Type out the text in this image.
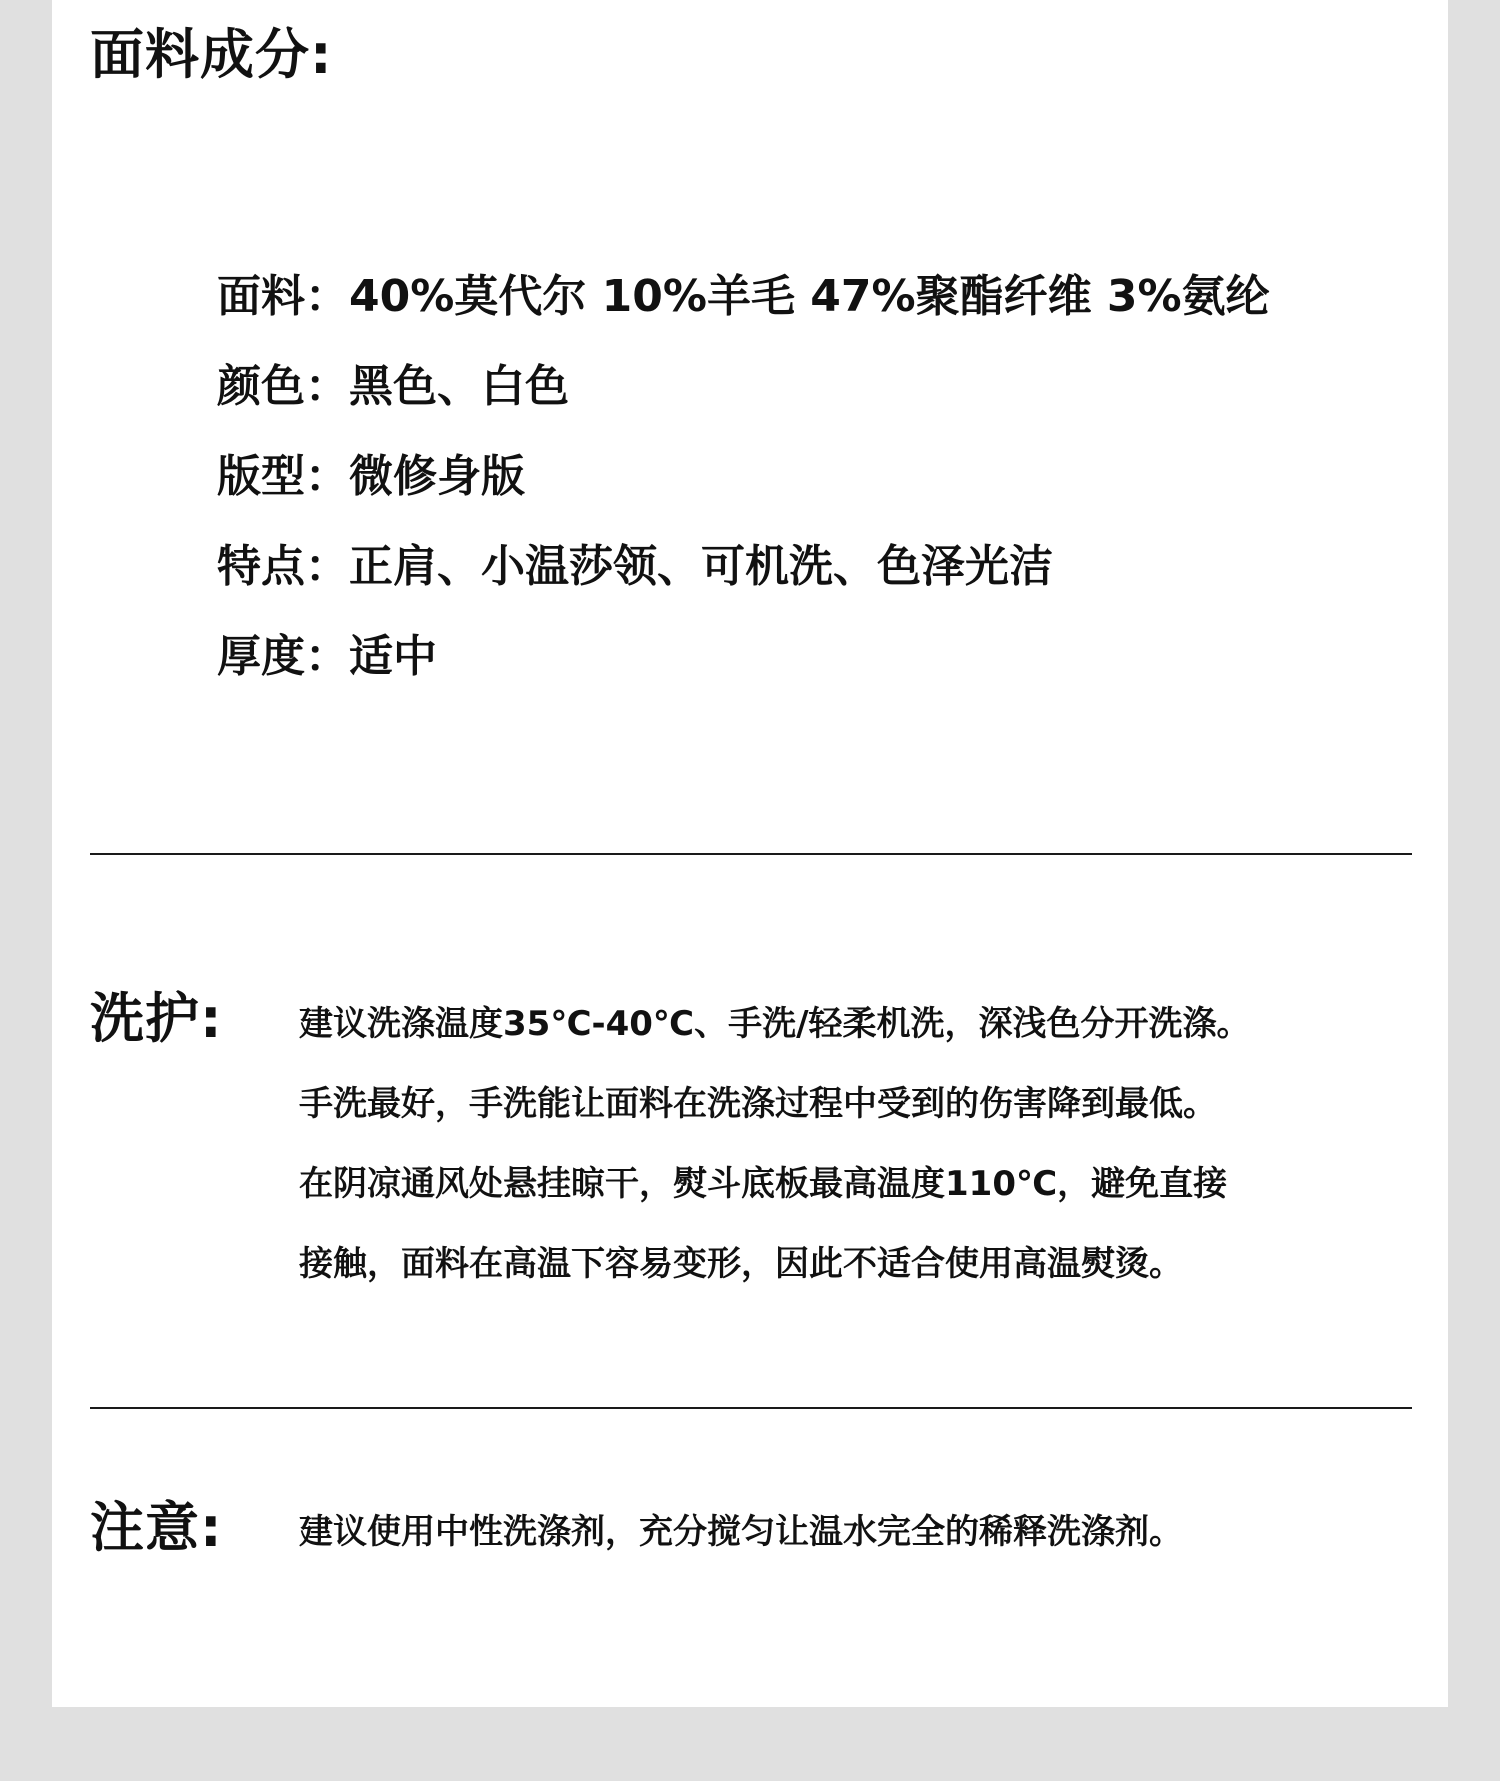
面料成分:
面料：40%莫代尔 10%羊毛 47%聚酯纤维 3%氨纶
颜色：黑色、白色
版型：微修身版
特点：正肩、小温莎领、可机洗、色泽光洁
厚度：适中
洗护: 建议洗涤温度35℃-40℃、手洗/轻柔机洗，深浅色分开洗涤。
手洗最好，手洗能让面料在洗涤过程中受到的伤害降到最低。
在阴凉通风处悬挂晾干，熨斗底板最高温度110℃，避免直接
接触，面料在高温下容易变形，因此不适合使用高温熨烫。
注意: 建议使用中性洗涤剂，充分搅匀让温水完全的稀释洗涤剂。
